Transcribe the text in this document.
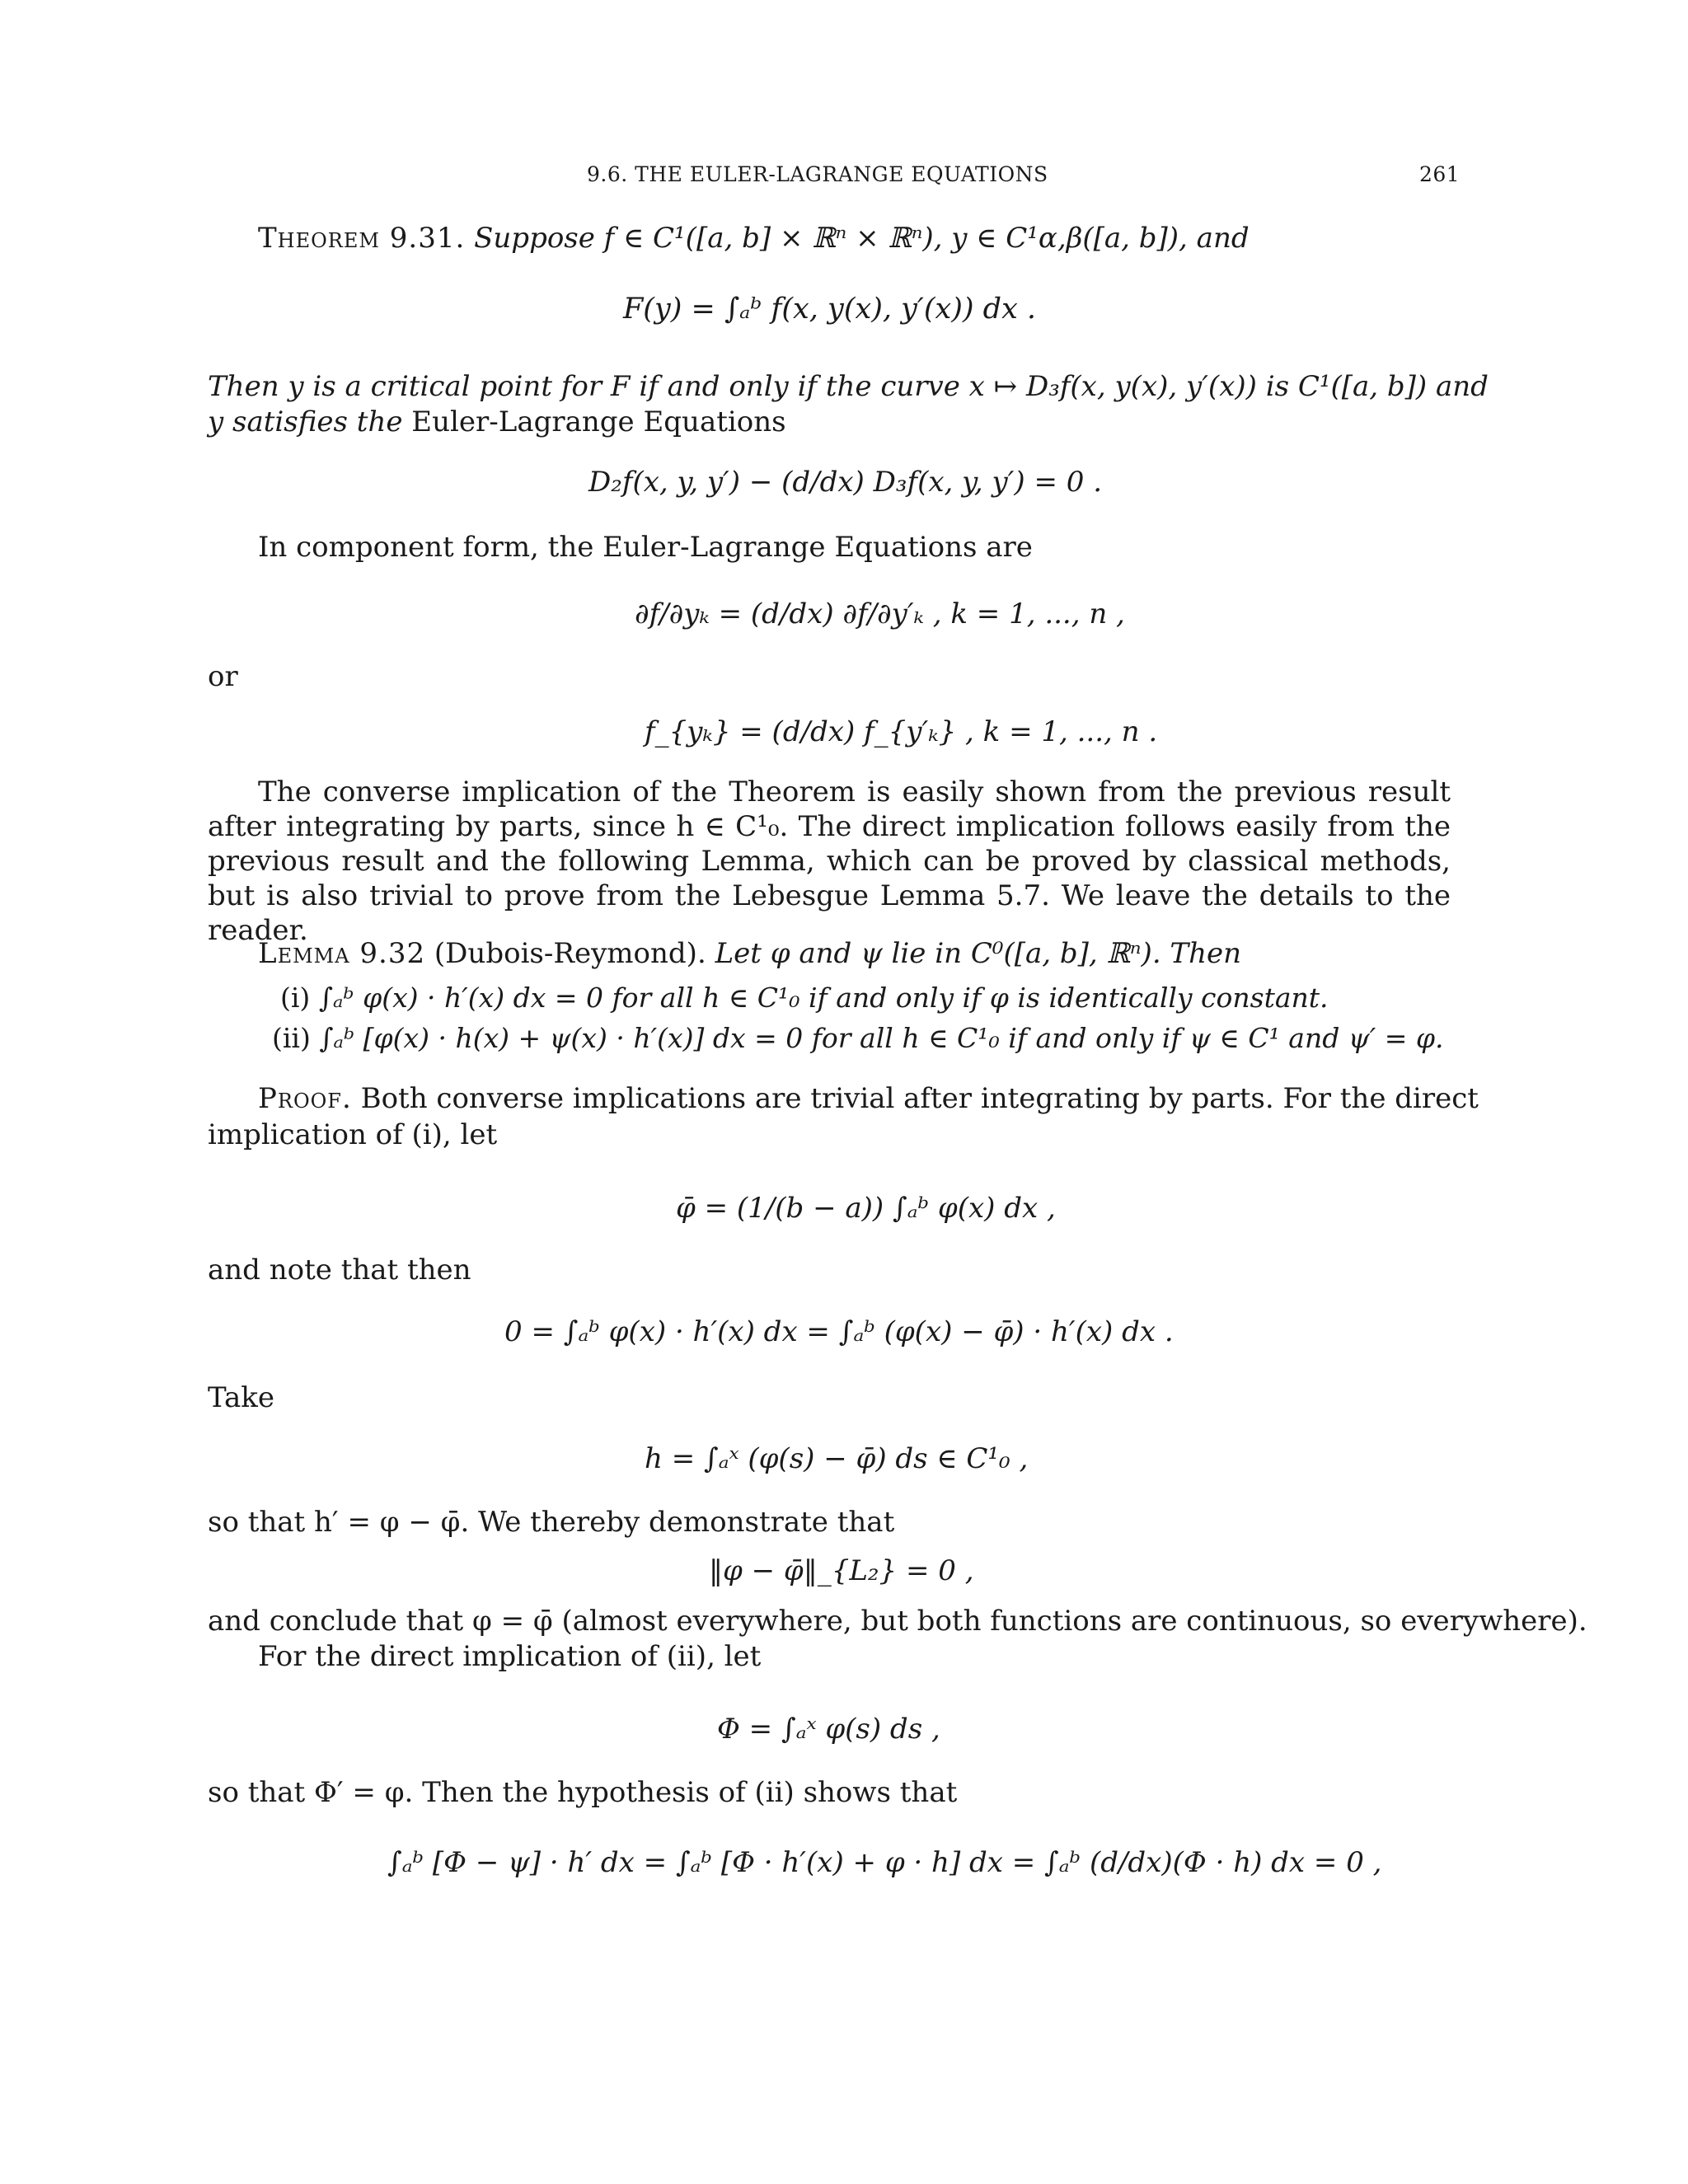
9.6. THE EULER-LAGRANGE EQUATIONS	261
Theorem 9.31. Suppose f ∈ C¹([a, b] × ℝⁿ × ℝⁿ), y ∈ C¹α,β([a, b]), and
F(y) = ∫ₐᵇ f(x, y(x), y′(x)) dx .
Then y is a critical point for F if and only if the curve x ↦ D₃f(x, y(x), y′(x)) is C¹([a, b]) and
y satisfies the Euler-Lagrange Equations
D₂f(x, y, y′) − (d/dx) D₃f(x, y, y′) = 0 .
In component form, the Euler-Lagrange Equations are
∂f/∂yₖ = (d/dx) ∂f/∂y′ₖ , k = 1, ..., n ,
or
f_{yₖ} = (d/dx) f_{y′ₖ} , k = 1, ..., n .
The converse implication of the Theorem is easily shown from the previous result after integrating by parts, since h ∈ C¹₀. The direct implication follows easily from the previous result and the following Lemma, which can be proved by classical methods, but is also trivial to prove from the Lebesgue Lemma 5.7. We leave the details to the reader.
Lemma 9.32 (Dubois-Reymond). Let φ and ψ lie in C⁰([a, b], ℝⁿ). Then
(i) ∫ₐᵇ φ(x) · h′(x) dx = 0 for all h ∈ C¹₀ if and only if φ is identically constant.
(ii) ∫ₐᵇ [φ(x) · h(x) + ψ(x) · h′(x)] dx = 0 for all h ∈ C¹₀ if and only if ψ ∈ C¹ and ψ′ = φ.
Proof. Both converse implications are trivial after integrating by parts. For the direct
implication of (i), let
φ̄ = (1/(b − a)) ∫ₐᵇ φ(x) dx ,
and note that then
0 = ∫ₐᵇ φ(x) · h′(x) dx = ∫ₐᵇ (φ(x) − φ̄) · h′(x) dx .
Take
h = ∫ₐˣ (φ(s) − φ̄) ds ∈ C¹₀ ,
so that h′ = φ − φ̄. We thereby demonstrate that
‖φ − φ̄‖_{L₂} = 0 ,
and conclude that φ = φ̄ (almost everywhere, but both functions are continuous, so everywhere).
For the direct implication of (ii), let
Φ = ∫ₐˣ φ(s) ds ,
so that Φ′ = φ. Then the hypothesis of (ii) shows that
∫ₐᵇ [Φ − ψ] · h′ dx = ∫ₐᵇ [Φ · h′(x) + φ · h] dx = ∫ₐᵇ (d/dx)(Φ · h) dx = 0 ,
